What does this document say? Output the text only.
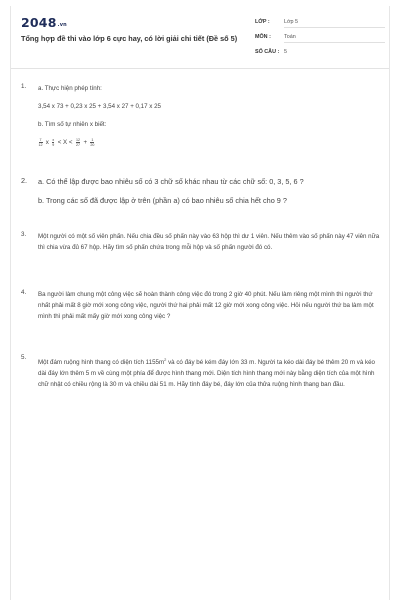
2048.vn
Tổng hợp đề thi vào lớp 6 cực hay, có lời giải chi tiết (Đề số 5)
LỚP :	Lớp 5
MÔN : Toán
SỐ CÂU : 5
1. a. Thực hiện phép tính:

3,54 x 73 + 0,23 x 25 + 3,54 x 27 + 0,17 x 25

b. Tìm số tự nhiên x biết:

$\frac{7}{12}$ x $\frac{x}{9} < X < \frac{12}{27} + \frac{1}{20}$

2. a. Có thể lập được bao nhiêu số có 3 chữ số khác nhau từ các chữ số: 0, 3, 5, 6 ?

b. Trong các số đã được lập ở trên (phần a) có bao nhiêu số chia hết cho 9 ?

3. Một người có một số viên phấn. Nếu chia đều số phấn này vào 63 hộp thì dư 1 viên. Nếu thêm vào số phấn này 47 viên nữa thì chia vừa đủ 67 hộp. Hãy tìm số phấn chứa trong mỗi hộp và số phấn người đó có.
4. Ba người làm chung một công việc sẽ hoàn thành công việc đó trong 2 giờ 40 phút. Nếu làm riêng một mình thì người thứ nhất phải mất 8 giờ mới xong công việc, người thứ hai phải mất 12 giờ mới xong công việc. Hỏi nếu người thứ ba làm một mình thì phải mất mấy giờ mới xong công việc ?
5.
Một đám ruộng hình thang có diện tích $1155m^2$ và có đáy bé kém đáy lớn 33 m. Người ta kéo dài đáy bé thêm 20 m và kéo dài đáy lớn thêm 5 m về cùng một phía để được hình thang mới. Diện tích hình thang mới này bằng diện tích của một hình chữ nhật có chiều rộng là 30 m và chiều dài 51 m. Hãy tính đáy bé, đáy lớn của thửa ruộng hình thang ban đầu.
